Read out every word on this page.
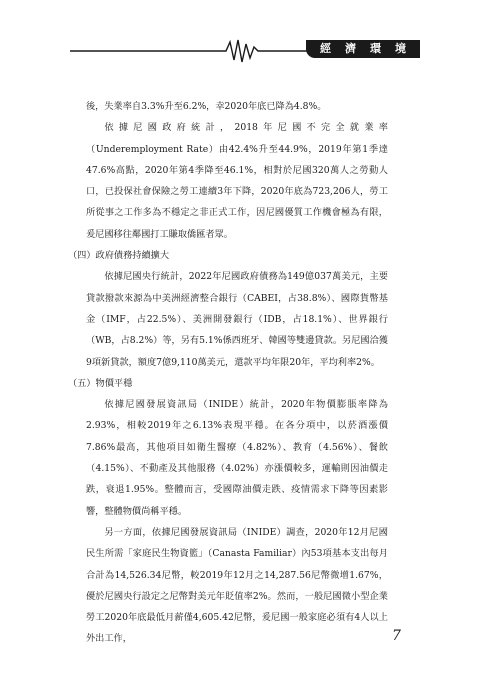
經濟環境

後，失業率自3.3%升至6.2%，幸2020年底已降為4.8%。

依據尼國政府統計，2018年尼國不完全就業率（Underemployment Rate）由42.4%升至44.9%，2019年第1季達47.6%高點，2020年第4季降至46.1%，相對於尼國320萬人之勞動人口，已投保社會保險之勞工連續3年下降，2020年底為723,206人，勞工所從事之工作多為不穩定之非正式工作，因尼國優質工作機會極為有限，爰尼國移往鄰國打工賺取僑匯者眾。

（四）政府債務持續擴大

依據尼國央行統計，2022年尼國政府債務為149億037萬美元，主要貸款撥款來源為中美洲經濟整合銀行（CABEI，占38.8%）、國際貨幣基金（IMF，占22.5%）、美洲開發銀行（IDB，占18.1%）、世界銀行（WB，占8.2%）等，另有5.1%係西班牙、韓國等雙邊貸款。另尼國洽獲9項新貸款，額度7億9,110萬美元，還款平均年限20年，平均利率2%。

（五）物價平穩

依據尼國發展資訊局（INIDE）統計，2020年物價膨脹率降為2.93%，相較2019年之6.13%表現平穩。在各分項中，以菸酒漲價7.86%最高，其他項目如衛生醫療（4.82%）、教育（4.56%）、餐飲（4.15%）、不動產及其他服務（4.02%）亦漲價較多，運輸則因油價走跌，衰退1.95%。整體而言，受國際油價走跌、疫情需求下降等因素影響，整體物價尚稱平穩。

另一方面，依據尼國發展資訊局（INIDE）調查，2020年12月尼國民生所需「家庭民生物資籃」（Canasta Familiar）內53項基本支出每月合計為14,526.34尼幣，較2019年12月之14,287.56尼幣微增1.67%，優於尼國央行設定之尼幣對美元年貶值率2%。然而，一般尼國微小型企業勞工2020年底最低月薪僅4,605.42尼幣，爰尼國一般家庭必須有4人以上外出工作，	7
